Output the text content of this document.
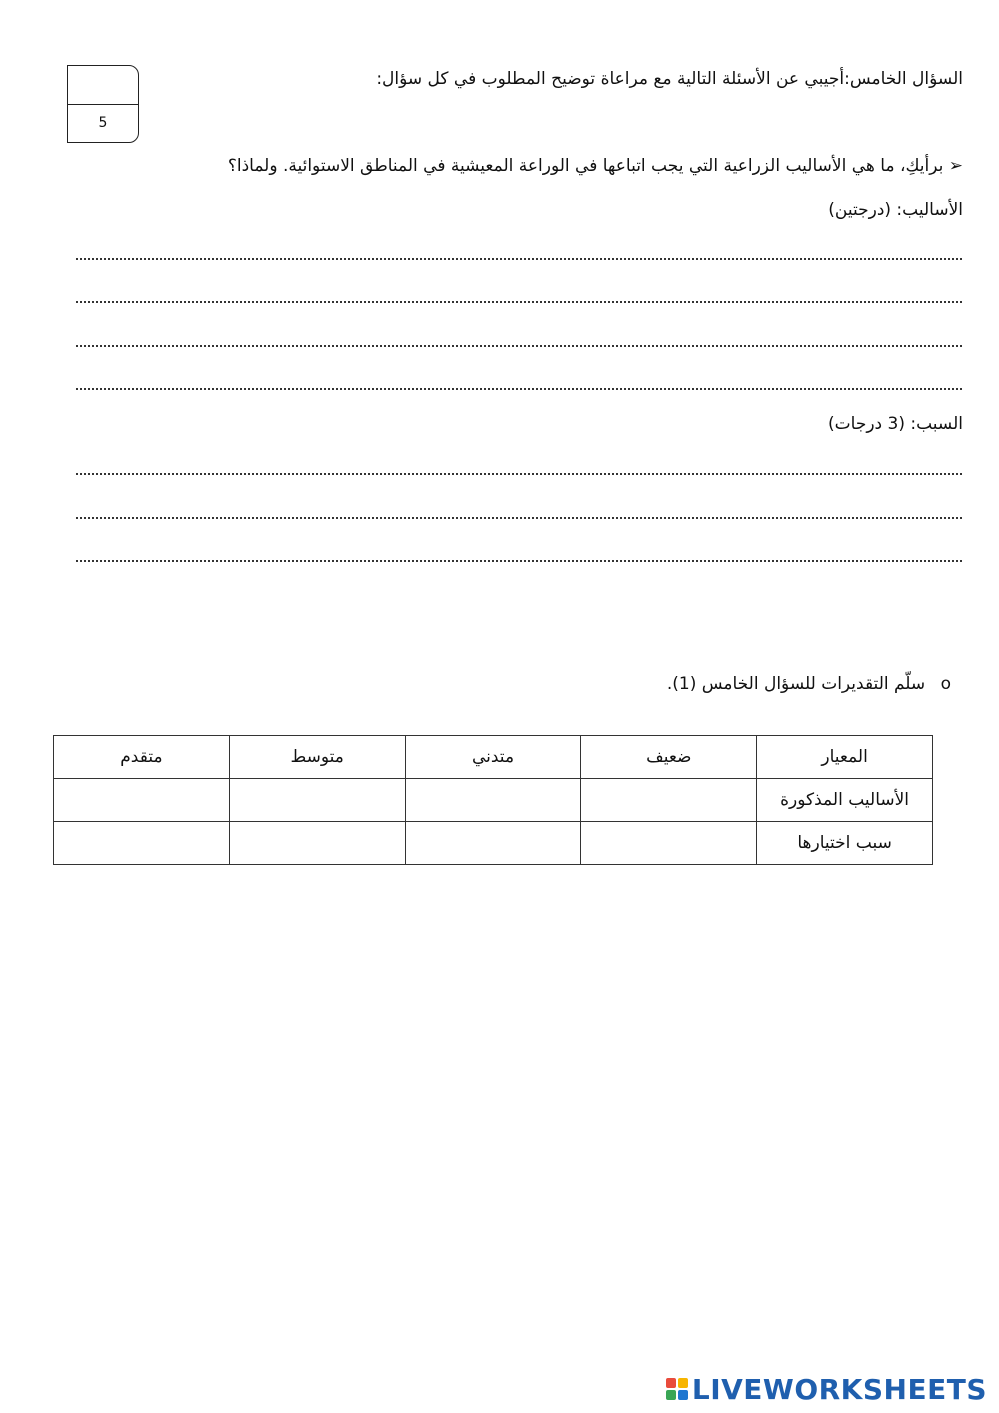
5
السؤال الخامس:أجيبي عن الأسئلة التالية مع مراعاة توضيح المطلوب في كل سؤال:
➢ برأيكِ، ما هي الأساليب الزراعية التي يجب اتباعها في الوراعة المعيشية في المناطق الاستوائية. ولماذا؟
الأساليب: (درجتين)
السبب: (3 درجات)
o سلّم التقديرات للسؤال الخامس (1).
المعيار	ضعيف	متدني	متوسط	متقدم
الأساليب المذكورة				
سبب اختيارها				
LIVEWORKSHEETS
